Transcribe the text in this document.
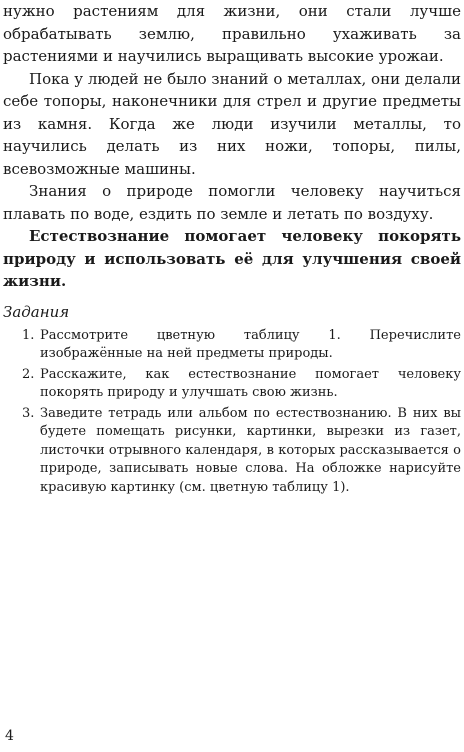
нужно растениям для жизни, они стали лучше обрабатывать землю, правильно ухаживать за растениями и научились выращивать высокие урожаи.

Пока у людей не было знаний о металлах, они делали себе топоры, наконечники для стрел и другие предметы из камня. Когда же люди изучили металлы, то научились делать из них ножи, топоры, пилы, всевозможные машины.

Знания о природе помогли человеку научиться плавать по воде, ездить по земле и летать по воздуху.

Естествознание помогает человеку покорять природу и использовать её для улучшения своей жизни.

Задания

1. Рассмотрите цветную таблицу 1. Перечислите изображённые на ней предметы природы.
2. Расскажите, как естествознание помогает человеку покорять природу и улучшать свою жизнь.
3. Заведите тетрадь или альбом по естествознанию. В них вы будете помещать рисунки, картинки, вырезки из газет, листочки отрывного календаря, в которых рассказывается о природе, записывать новые слова. На обложке нарисуйте красивую картинку (см. цветную таблицу 1).
4
